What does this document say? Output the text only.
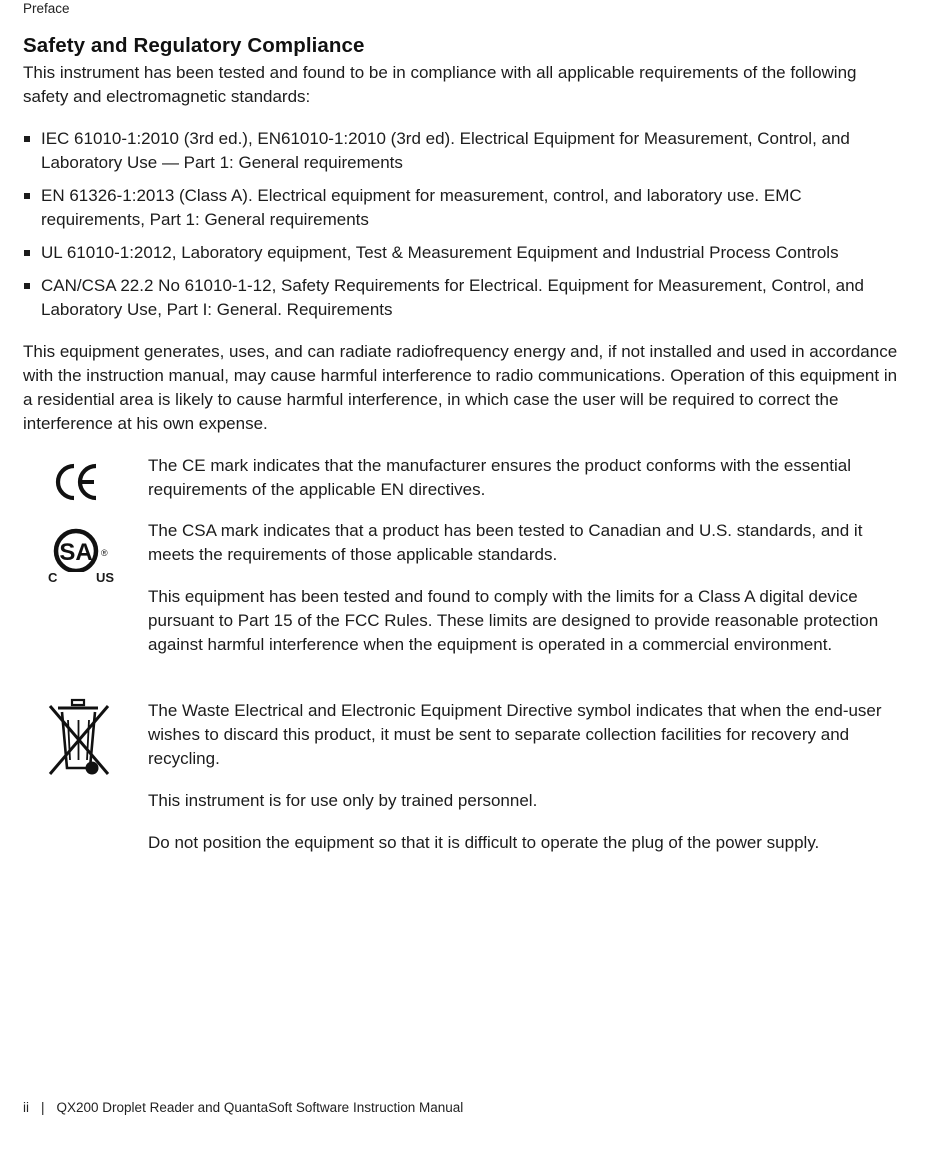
Preface
Safety and Regulatory Compliance

This instrument has been tested and found to be in compliance with all applicable requirements of the following safety and electromagnetic standards:

IEC 61010-1:2010 (3rd ed.), EN61010-1:2010 (3rd ed). Electrical Equipment for Measurement, Control, and Laboratory Use — Part 1: General requirements
EN 61326-1:2013 (Class A). Electrical equipment for measurement, control, and laboratory use. EMC requirements, Part 1: General requirements
UL 61010-1:2012, Laboratory equipment, Test & Measurement Equipment and Industrial Process Controls
CAN/CSA 22.2 No 61010-1-12, Safety Requirements for Electrical. Equipment for Measurement, Control, and Laboratory Use, Part I: General. Requirements

This equipment generates, uses, and can radiate radiofrequency energy and, if not installed and used in accordance with the instruction manual, may cause harmful interference to radio communications. Operation of this equipment in a residential area is likely to cause harmful interference, in which case the user will be required to correct the interference at his own expense.

The CE mark indicates that the manufacturer ensures the product conforms with the essential requirements of the applicable EN directives.

SA ®
C	US

The CSA mark indicates that a product has been tested to Canadian and U.S. standards, and it meets the requirements of those applicable standards.

This equipment has been tested and found to comply with the limits for a Class A digital device pursuant to Part 15 of the FCC Rules. These limits are designed to provide reasonable protection against harmful interference when the equipment is operated in a commercial environment.

The Waste Electrical and Electronic Equipment Directive symbol indicates that when the end-user wishes to discard this product, it must be sent to separate collection facilities for recovery and recycling.

This instrument is for use only by trained personnel.

Do not position the equipment so that it is difficult to operate the plug of the power supply.

ii | QX200 Droplet Reader and QuantaSoft Software Instruction Manual
